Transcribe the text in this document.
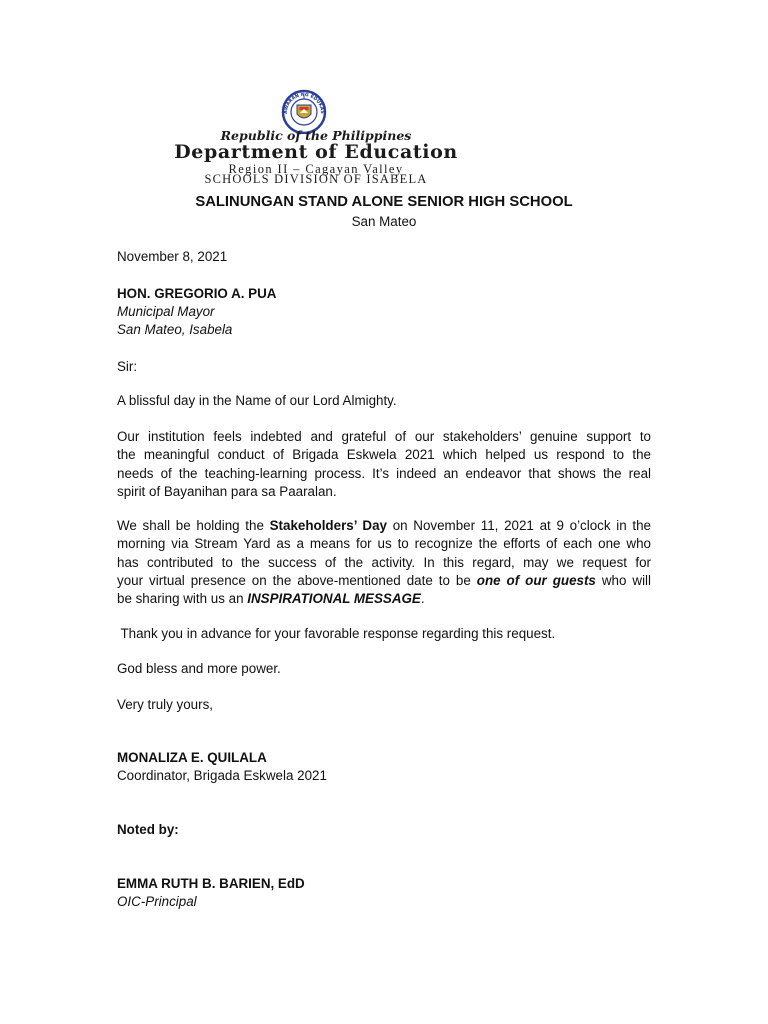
AWARAN NG EDUKAS
Republic of the Philippines
Department of Education
Region II – Cagayan Valley
SCHOOLS DIVISION OF ISABELA
SALINUNGAN STAND ALONE SENIOR HIGH SCHOOL
San Mateo
November 8, 2021
HON. GREGORIO A. PUA
Municipal Mayor
San Mateo, Isabela
Sir:
A blissful day in the Name of our Lord Almighty.
Our institution feels indebted and grateful of our stakeholders’ genuine support to
the meaningful conduct of Brigada Eskwela 2021 which helped us respond to the
needs of the teaching-learning process. It’s indeed an endeavor that shows the real
spirit of Bayanihan para sa Paaralan.
We shall be holding the Stakeholders’ Day on November 11, 2021 at 9 o’clock in the
morning via Stream Yard as a means for us to recognize the efforts of each one who
has contributed to the success of the activity. In this regard, may we request for
your virtual presence on the above-mentioned date to be one of our guests who will
be sharing with us an INSPIRATIONAL MESSAGE.
Thank you in advance for your favorable response regarding this request.
God bless and more power.
Very truly yours,
MONALIZA E. QUILALA
Coordinator, Brigada Eskwela 2021
Noted by:
EMMA RUTH B. BARIEN, EdD
OIC-Principal
